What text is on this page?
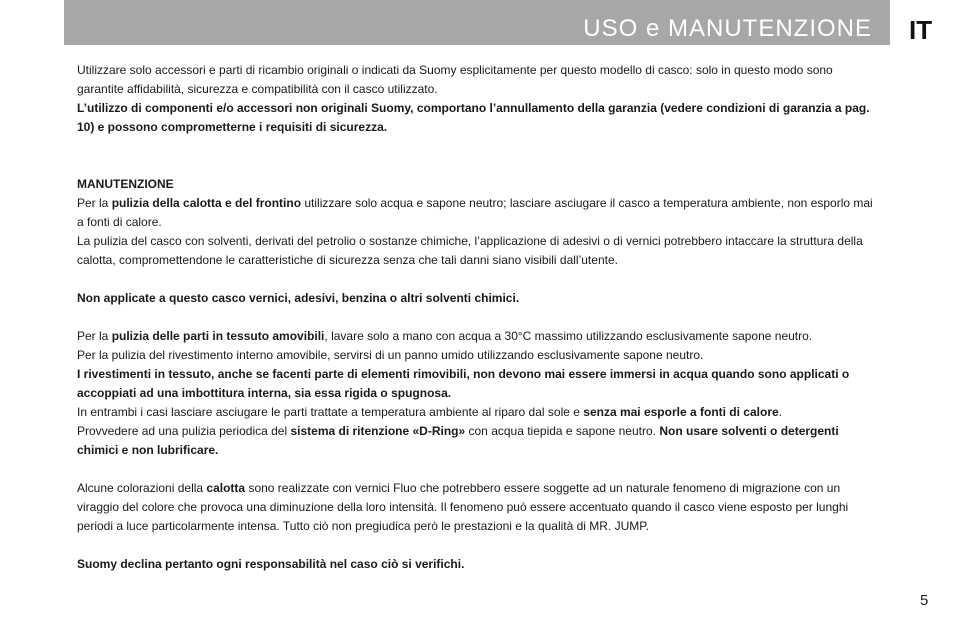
USO e MANUTENZIONE IT

Utilizzare solo accessori e parti di ricambio originali o indicati da Suomy esplicitamente per questo modello di casco: solo in questo modo sono garantite affidabilità, sicurezza e compatibilità con il casco utilizzato.

L’utilizzo di componenti e/o accessori non originali Suomy, comportano l’annullamento della garanzia (vedere condizioni di garanzia a pag. 10) e possono comprometterne i requisiti di sicurezza.

MANUTENZIONE

Per la pulizia della calotta e del frontino utilizzare solo acqua e sapone neutro; lasciare asciugare il casco a temperatura ambiente, non esporlo mai a fonti di calore.

La pulizia del casco con solventi, derivati del petrolio o sostanze chimiche, l’applicazione di adesivi o di vernici potrebbero intaccare la struttura della calotta, compromettendone le caratteristiche di sicurezza senza che tali danni siano visibili dall’utente.

Non applicate a questo casco vernici, adesivi, benzina o altri solventi chimici.

Per la pulizia delle parti in tessuto amovibili, lavare solo a mano con acqua a 30°C massimo utilizzando esclusivamente sapone neutro.

Per la pulizia del rivestimento interno amovibile, servirsi di un panno umido utilizzando esclusivamente sapone neutro.

I rivestimenti in tessuto, anche se facenti parte di elementi rimovibili, non devono mai essere immersi in acqua quando sono applicati o accoppiati ad una imbottitura interna, sia essa rigida o spugnosa.

In entrambi i casi lasciare asciugare le parti trattate a temperatura ambiente al riparo dal sole e senza mai esporle a fonti di calore.

Provvedere ad una pulizia periodica del sistema di ritenzione «D-Ring» con acqua tiepida e sapone neutro. Non usare solventi o detergenti chimici e non lubrificare.

Alcune colorazioni della calotta sono realizzate con vernici Fluo che potrebbero essere soggette ad un naturale fenomeno di migrazione con un viraggio del colore che provoca una diminuzione della loro intensità. Il fenomeno può essere accentuato quando il casco viene esposto per lunghi periodi a luce particolarmente intensa. Tutto ciò non pregiudica però le prestazioni e la qualità di MR. JUMP.

Suomy declina pertanto ogni responsabilità nel caso ciò si verifichi.

5
